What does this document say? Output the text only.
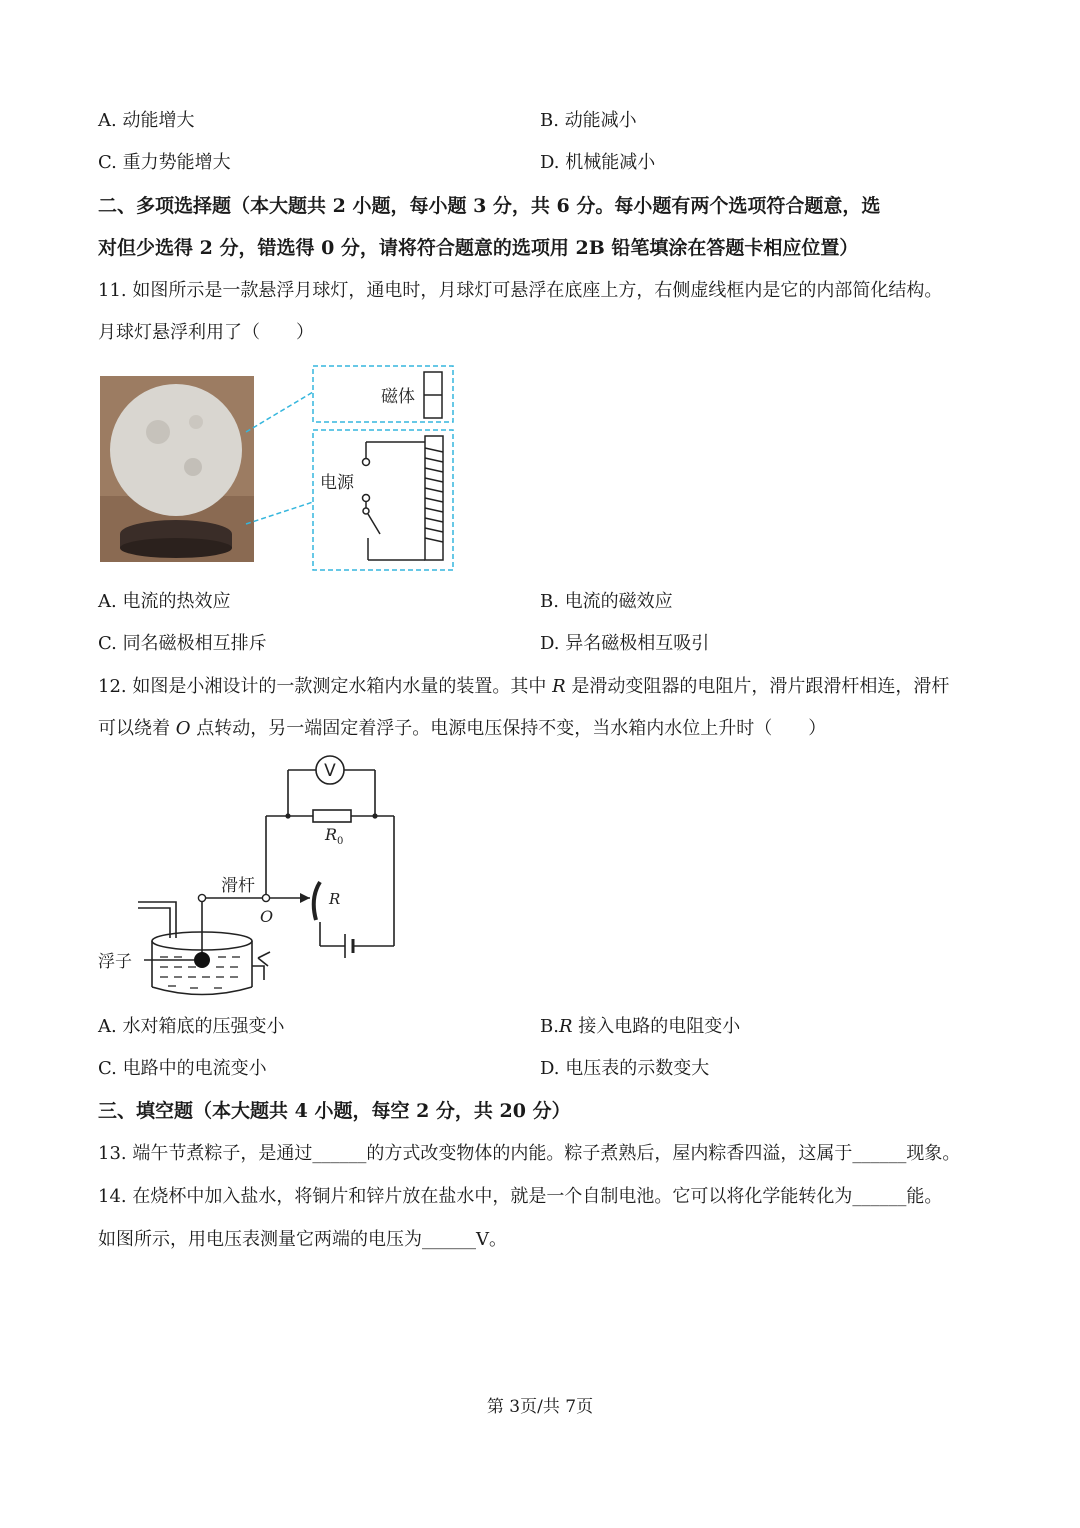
A. 动能增大	B. 动能减小
C. 重力势能增大	D. 机械能减小
二、多项选择题（本大题共 2 小题，每小题 3 分，共 6 分。每小题有两个选项符合题意，选
对但少选得 2 分，错选得 0 分，请将符合题意的选项用 2B 铅笔填涂在答题卡相应位置）
11. 如图所示是一款悬浮月球灯，通电时，月球灯可悬浮在底座上方，右侧虚线框内是它的内部简化结构。
月球灯悬浮利用了（　　）
磁体
电源
A. 电流的热效应	B. 电流的磁效应
C. 同名磁极相互排斥	D. 异名磁极相互吸引
12. 如图是小湘设计的一款测定水箱内水量的装置。其中 R 是滑动变阻器的电阻片，滑片跟滑杆相连，滑杆
可以绕着 O 点转动，另一端固定着浮子。电源电压保持不变，当水箱内水位上升时（　　）
V
$R_0$
滑杆
O
R
浮子
A. 水对箱底的压强变小	B.R 接入电路的电阻变小
C. 电路中的电流变小	D. 电压表的示数变大
三、填空题（本大题共 4 小题，每空 2 分，共 20 分）
13. 端午节煮粽子，是通过______的方式改变物体的内能。粽子煮熟后，屋内粽香四溢，这属于______现象。
14. 在烧杯中加入盐水，将铜片和锌片放在盐水中，就是一个自制电池。它可以将化学能转化为______能。
如图所示，用电压表测量它两端的电压为______V。
第 3页/共 7页
